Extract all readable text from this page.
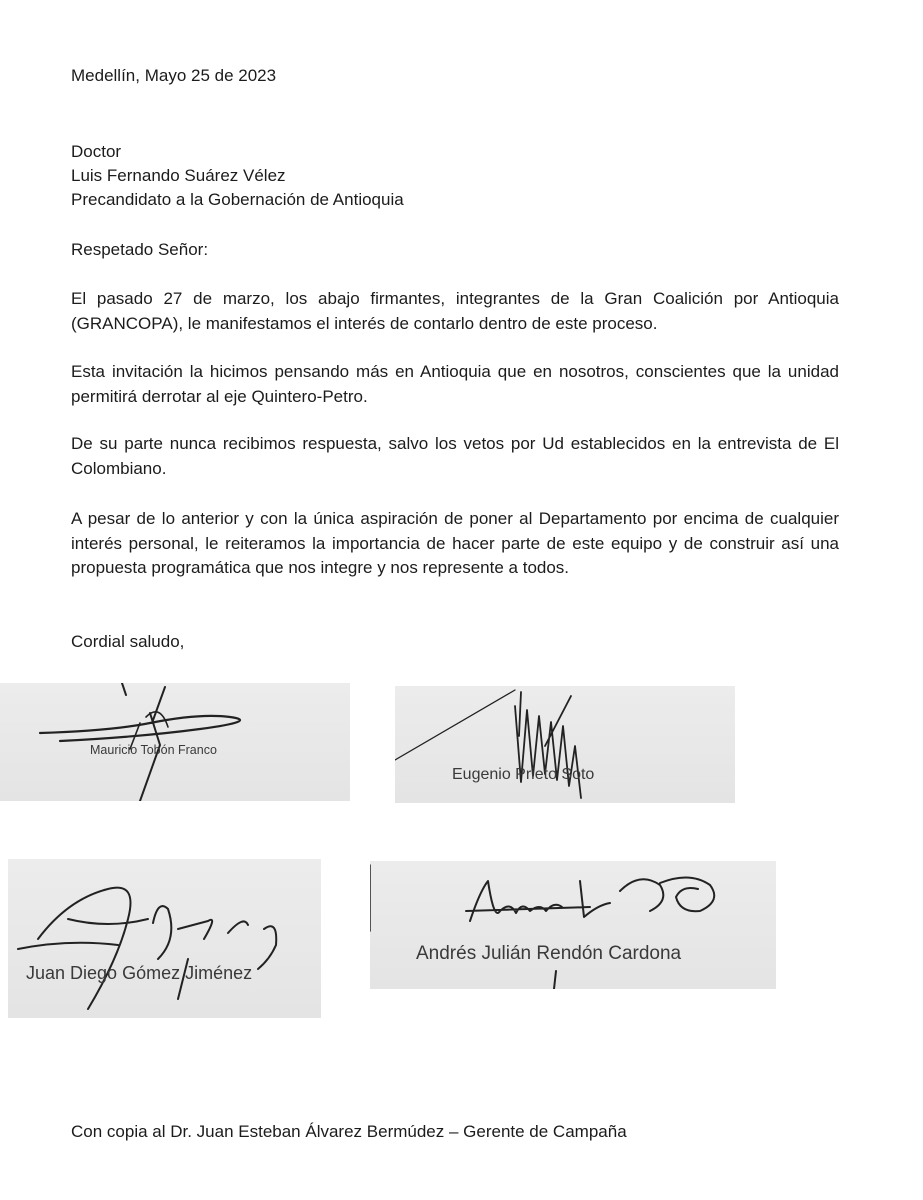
Medellín, Mayo 25 de 2023
Doctor
Luis Fernando Suárez Vélez
Precandidato a la Gobernación de Antioquia
Respetado Señor:
El pasado 27 de marzo, los abajo firmantes, integrantes de la Gran Coalición por Antioquia (GRANCOPA), le manifestamos el interés de contarlo dentro de este proceso.
Esta invitación la hicimos pensando más en Antioquia que en nosotros, conscientes que la unidad permitirá derrotar al eje Quintero-Petro.
De su parte nunca recibimos respuesta, salvo los vetos por Ud establecidos en la entrevista de El Colombiano.
A pesar de lo anterior y con la única aspiración de poner al Departamento por encima de cualquier interés personal, le reiteramos la importancia de hacer parte de este equipo y de construir así una propuesta programática que nos integre y nos represente a todos.
Cordial saludo,
Mauricio Tobón Franco
Eugenio Prieto Soto
Juan Diego Gómez Jiménez
Andrés Julián Rendón Cardona
Con copia al Dr. Juan Esteban Álvarez Bermúdez – Gerente de Campaña
